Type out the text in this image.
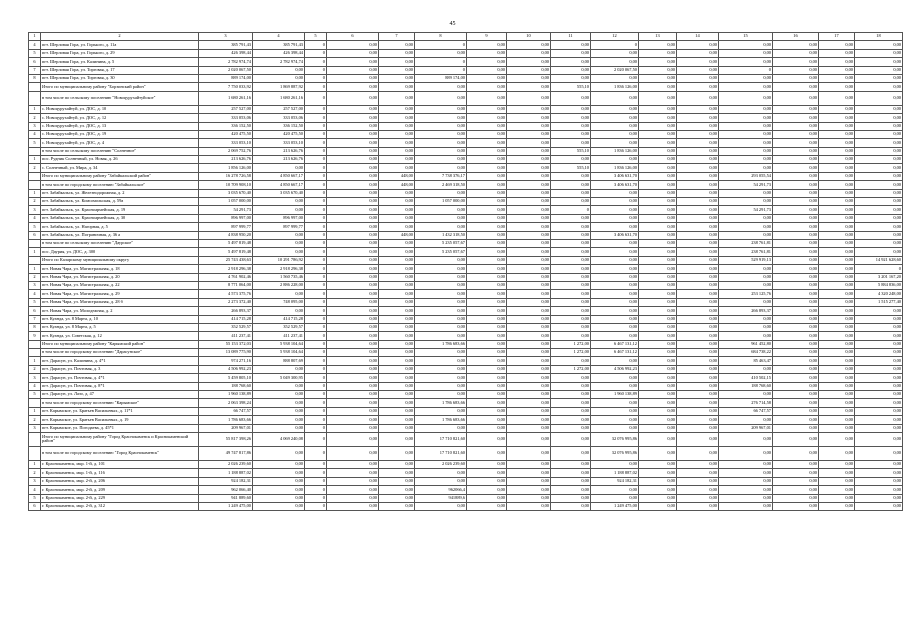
45
1	2	3	4	5	6	7	8	9	10	11	12	13	14	15	16	17	18
4	пгт. Шерловая Гора, ул. Горького, д. 11а	385 791,43	385 791,43	0	0,00	0,00	0	0,00	0,00	0,00	0	0,00	0,00	0,00	0,00	0,00	0,00
5	пгт. Шерловая Гора, ул. Горького, д. 29	426 398,44	426 398,44	0	0,00	0,00	0,00	0,00	0,00	0,00	0,00	0,00	0,00	0,00	0,00	0,00	0,00
6	пгт. Шерловая Гора, ул. Калинина, д. 5	2 782 974,74	2 782 974,74	0	0,00	0,00	0	0,00	0,00	0,00	0,00	0,00	0,00	0,00	0,00	0,00	0,00
7	пгт. Шерловая Гора, ул. Торговая, д. 17	2 020 067,50	0,00	0	0,00	0,00	0	0,00	0,00	0,00	2 020 067,50	0,00	0,00	0	0,00	0,00	0,00
8	пгт. Шерловая Гора, ул. Торговая, д. 30	889 174,00	0,00	0	0,00	0,00	889 174,00	0,00	0,00	0,00	0,00	0,00	0,00	0,00	0,00	0,00	0,00
	Итого по муниципальному району "Борзинский район"	7 750 033,92	1 869 887,92	0	0,00	0,00	0,00	0,00	0,00	555,10	1 836 126,00	0,00	0,00	0,00	0,00	0,00	0,00
	в том числе по сельскому поселению "Новоцурухайтуйское"	1 680 261,16	1 680 261,16	0	0,00	0,00	0,00	0,00	0,00	0,00	0,00	0,00	0,00	0,00	0,00	0,00	0,00
1	с. Новоцурухайтуй, ул. ДОС, д. 10	257 527,00	257 527,00	0	0,00	0,00	0,00	0,00	0,00	0,00	0,00	0,00	0,00	0,00	0,00	0,00	0,00
2	с. Новоцурухайтуй, ул. ДОС, д. 12	333 053,06	333 053,06	0	0,00	0,00	0,00	0,00	0,00	0,00	0,00	0,00	0,00	0,00	0,00	0,00	0,00
3	с. Новоцурухайтуй, ул. ДОС, д. 13	336 152,50	336 152,50	0	0,00	0,00	0,00	0,00	0,00	0,00	0,00	0,00	0,00	0,00	0,00	0,00	0,00
4	с. Новоцурухайтуй, ул. ДОС, д. 19	420 475,50	420 475,50	0	0,00	0,00	0,00	0,00	0,00	0,00	0,00	0,00	0,00	0,00	0,00	0,00	0,00
5	с. Новоцурухайтуй, ул. ДОС, д. 4	333 053,10	333 053,10	0	0,00	0,00	0,00	0,00	0,00	0,00	0,00	0,00	0,00	0,00	0,00	0,00	0,00
	в том числе по сельскому поселению "Солнечное"	2 069 752,76	213 626,76	0	0,00	0,00	0,00	0,00	0,00	555,10	1 836 126,00	0,00	0,00	0,00	0,00	0,00	0,00
1	пос. Рудник Солнечный, ул. Новая, д. 26	213 626,76	213 626,76	0	0,00	0,00	0,00	0,00	0,00	0,00	0,00	0,00	0,00	0,00	0,00	0,00	0,00
2	с. Солнечный, ул. Мира, д. 34	1 856 126,00	0,00	0	0,00	0,00	0,00	0,00	0,00	555,10	1 836 126,00	0,00	0,00	0,00	0,00	0,00	0,00
	Итого по муниципальному району "Забайкальский район"	16 278 726,58	4 850 667,17	0	0,00	448,00	7 738 376,17	0,00	0,00	0,00	3 406 631,70	0,00	0,00	293 055,54	0,00	0,00	0,00
	в том числе по городскому поселению "Забайкальское"	10 709 908,10	4 850 667,17	0	0,00	448,00	2 469 318,50	0,00	0,00	0,00	3 406 631,70	0,00	0,00	54 291,73	0,00	0,00	0,00
1	пгт. Забайкальск, ул. Железнодорожная, д. 2	3 035 670,40	3 035 670,40	0	0,00	0,00	0,00	0,00	0,00	0,00	0,00	0,00	0,00	0,00	0,00	0,00	0,00
2	пгт. Забайкальск, ул. Комсомольская, д. 59а	1 057 000,00	0,00	0	0,00	0,00	1 057 000,00	0,00	0,00	0,00	0,00	0,00	0,00	0,00	0,00	0,00	0,00
3	пгт. Забайкальск, ул. Красноармейская, д. 19	54 291,73	0,00	0	0,00	0,00	0,00	0,00	0,00	0	0,00	0,00	0,00	54 291,73	0,00	0,00	0,00
4	пгт. Забайкальск, ул. Красноармейская, д. 30	896 997,00	896 997,00	0	0,00	0,00	0,00	0,00	0,00	0,00	0,00	0,00	0,00	0,00	0,00	0,00	0,00
5	пгт. Забайкальск, ул. Нагорная, д. 5	897 999,77	897 999,77	0	0,00	0,00	0,00	0,00	0,00	0,00	0,00	0,00	0,00	0,00	0,00	0,00	0,00
6	пгт. Забайкальск, ул. Пограничная, д. 36 а	4 838 950,20	0,00	0	0,00	448,00	1 432 318,50	0,00	0,00	0,00	3 406 631,70	0,00	0,00	0,00	0,00	0,00	0,00
	в том числе по сельскому поселению "Даурское"	5 497 819,48	0,00	0	0,00	0,00	5 235 057,67	0,00	0,00	0,00	0,00	0,00	0,00	238 761,81	0,00	0,00	0,00
1	пос. Даурия, ул. ДОС, д. 300	5 497 819,48	0,00	0	0,00	0,00	5 235 057,67	0,00	0,00	0,00	0,00	0,00	0,00	238 761,81	0,00	0,00	0,00
	Итого по Каларскому муниципальному округу	25 743 438,63	10 291 786,92	0	0,00	0,00	0,00	0,00	0,00	0,00	0,00	0,00	0,00	529 919,13	0,00	0,00	14 921 628,60
1	пгт. Новая Чара, ул. Магистральная, д. 18	2 918 296,38	2 918 296,38	0	0,00	0,00	0,00	0,00	0,00	0,00	0,00	0,00	0,00	0,00	0,00	0,00	0
2	пгт. Новая Чара, ул. Магистральная, д. 20	4 761 902,46	1 560 735,46	0	0,00	0,00	0,00	0,00	0,00	0,00	0,00	0,00	0,00	0,00	0,00	0,00	3 201 167,20
3	пгт. Новая Чара, ул. Магистральная, д. 22	8 771 064,00	2 886 228,00	0	0,00	0,00	0,00	0,00	0,00	0,00	0,00	0,00	0,00	0,00	0,00	0,00	5 884 836,00
4	пгт. Новая Чара, ул. Магистральная, д. 29	4 573 375,76	0,00	0	0,00	0,00	0,00	0,00	0,00	0,00	0,00	0,00	0,00	253 125,76	0,00	0,00	4 320 248,00
5	пгт. Новая Чара, ул. Магистральная, д. 28 б	2 273 372,40	748 095,00	0	0,00	0,00	0,00	0,00	0,00	0,00	0,00	0,00	0,00	0,00	0,00	0,00	1 515 277,40
6	пгт. Новая Чара, ул. Молодежная, д. 2	266 893,37	0,00	0	0,00	0,00	0,00	0,00	0,00	0,00	0,00	0,00	0,00	266 893,37	0,00	0,00	0,00
7	пгт. Куанда, ул. 8 Марта, д. 10	414 715,28	414 715,28	0	0,00	0,00	0,00	0,00	0,00	0,00	0,00	0,00	0,00	0,00	0,00	0,00	0,00
8	пгт. Куанда, ул. 8 Марта, д. 5	352 529,57	352 529,57	0	0,00	0,00	0,00	0,00	0,00	0,00	0,00	0,00	0,00	0,00	0,00	0,00	0,00
9	пгт. Куанда, ул. Советская, д. 12	411 237,41	411 237,41	0	0,00	0,00	0,00	0,00	0,00	0,00	0,00	0,00	0,00	0,00	0,00	0,00	0,00
	Итого по муниципальному району "Карымский район"	55 153 372,03	5 938 104,64	0	0,00	0,00	1 786 683,66	0,00	0,00	1 272,00	6 467 131,12	0,00	0,00	961 452,80	0,00	0,00	0,00
	в том числе по городскому поселению "Дарасунское"	13 089 775,90	5 938 104,64	0	0,00	0,00	0,00	0,00	0,00	1 272,00	6 467 131,12	0,00	0,00	684 738,22	0,00	0,00	0,00
1	пгт. Дарасун, ул. Калинина, д. 4*1	974 271,16	888 807,69	0	0,00	0,00	0,00	0,00	0,00	0,00	0,00	0,00	0,00	85 463,47	0,00	0,00	0,00
2	пгт. Дарасун, ул. Почтовая, д. 3	4 506 992,23	0,00	0	0,00	0,00	0,00	0,00	0,00	1 272,00	4 506 992,23	0,00	0,00	0,00	0,00	0,00	0,00
3	пгт. Дарасун, ул. Почтовая, д. 4*1	5 459 805,10	5 049 300,95	0	0,00	0,00	0,00	0,00	0,00	0,00	0,00	0,00	0,00	410 502,15	0,00	0,00	0,00
4	пгт. Дарасун, ул. Почтовая, д. 8*1	188 768,60	0,00	0	0,00	0,00	0,00	0,00	0,00	0,00	0,00	0,00	0,00	188 768,60	0,00	0,00	0,00
5	пгт. Дарасун, ул. Лазо, д. 47	1 960 138,89	0,00	0	0,00	0,00	0,00	0,00	0,00	0,00	1 960 138,89	0,00	0,00	0,00	0,00	0,00	0,00
	в том числе по городскому поселению "Карымское"	2 063 398,24	0,00	0	0,00	0,00	1 786 683,66	0,00	0,00	0,00	0,00	0,00	0,00	276 714,58	0,00	0,00	0,00
1	пгт. Карымское, ул. Братьев Васильевых, д. 11*1	66 747,57	0,00	0	0,00	0,00	0,00	0,00	0,00	0,00	0,00	0,00	0,00	66 747,57	0,00	0,00	0,00
2	пгт. Карымское, ул. Братьев Васильевых, д. 19	1 786 683,66	0,00	0	0,00	0,00	1 786 683,66	0,00	0,00	0,00	0,00	0,00	0,00	0,00	0,00	0,00	0,00
3	пгт. Карымское, ул. Погодаева, д. 45*1	209 967,01	0,00	0	0,00	0,00	0,00	0,00	0,00	0,00	0,00	0,00	0,00	209 967,01	0,00	0,00	0,00
	Итого по муниципальному району "Город Краснокаменск и Краснокаменский район"	55 817 398,26	4 069 240,08	0	0,00	0,00	17 710 821,60	0,00	0,00	0,00	32 076 995,86	0,00	0,00	0,00	0,00	0,00	0,00
	в том числе по городскому поселению "Город Краснокаменск"	49 747 817,86	0,00	0	0,00	0,00	17 710 821,60	0,00	0,00	0,00	32 076 995,86	0,00	0,00	0,00	0,00	0,00	0,00
1	г. Краснокаменск, мкр. 1-й, д. 101	2 026 239,60	0,00	0	0,00	0,00	2 026 239,60	0,00	0,00	0,00	0,00	0,00	0,00	0,00	0,00	0,00	0,00
2	г. Краснокаменск, мкр. 1-й, д. 116	1 188 887,02	0,00	0	0,00	0,00	0,00	0,00	0,00	0,00	1 188 887,02	0,00	0,00	0,00	0,00	0,00	0,00
3	г. Краснокаменск, мкр. 2-й, д. 206	924 182,31	0,00	0	0,00	0,00	0,00	0,00	0,00	0,00	924 182,31	0,00	0,00	0,00	0,00	0,00	0,00
4	г. Краснокаменск, мкр. 2-й, д. 209	962 066,40	0,00	0	0,00	0,00	962066,4	0,00	0,00	0,00	0,00	0,00	0,00	0,00	0,00	0,00	0,00
5	г. Краснокаменск, мкр. 2-й, д. 229	941 889,60	0,00	0	0,00	0,00	941889,6	0,00	0,00	0,00	0,00	0,00	0,00	0,00	0,00	0,00	0,00
6	г. Краснокаменск, мкр. 2-й, д. 312	1 249 475,00	0,00	0	0,00	0,00	0,00	0,00	0,00	0,00	1 249 475,00	0,00	0,00	0,00	0,00	0,00	0,00
